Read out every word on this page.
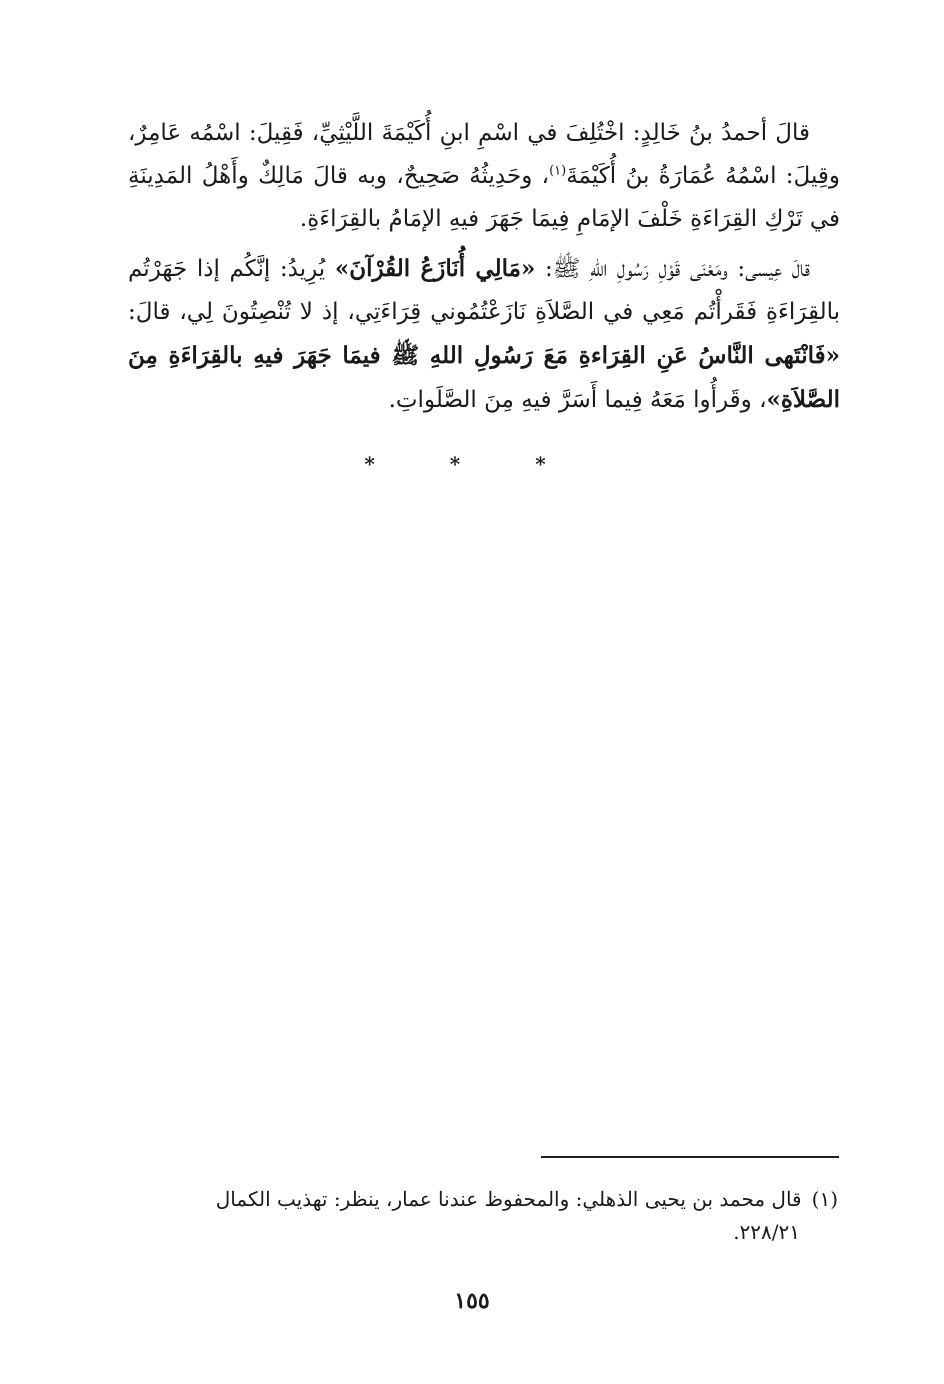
قالَ أحمدُ بنُ خَالِدٍ: اخْتُلِفَ في اسْمِ ابنِ أُكَيْمَةَ اللَّيْثِيِّ، فَقِيلَ: اسْمُه عَامِرٌ، وقِيلَ: اسْمُهُ عُمَارَةُ بنُ أُكَيْمَةَ$^{(١)}$، وحَدِيثُهُ صَحِيحٌ، وبه قالَ مَالِكٌ وأَهْلُ المَدِينَةِ في تَرْكِ القِرَاءَةِ خَلْفَ الإمَامِ فِيمَا جَهَرَ فيهِ الإمَامُ بالقِرَاءَةِ.

قالَ عِيسى: ومَعْنَى قَوْلِ رَسُولِ اللهِ ﷺ: «مَالِي أُنَازَعُ القُرْآنَ» يُرِيدُ: إنَّكُم إذا جَهَرْتُم بالقِرَاءَةِ فَقَرأْتُم مَعِي في الصَّلاَةِ نَازَعْتُمُوني قِرَاءَتِي، إذ لا تُنْصِتُونَ لِي، قالَ: «فَانْتَهى النَّاسُ عَنِ القِرَاءةِ مَعَ رَسُولِ اللهِ ﷺ فيمَا جَهَرَ فيهِ بالقِرَاءَةِ مِنَ الصَّلاَةِ»، وقَرأُوا مَعَهُ فِيما أَسَرَّ فيهِ مِنَ الصَّلَواتِ.

* * *
(١)قال محمد بن يحيى الذهلي: والمحفوظ عندنا عمار، ينظر: تهذيب الكمال
٢٢٨/٢١.
١٥٥
